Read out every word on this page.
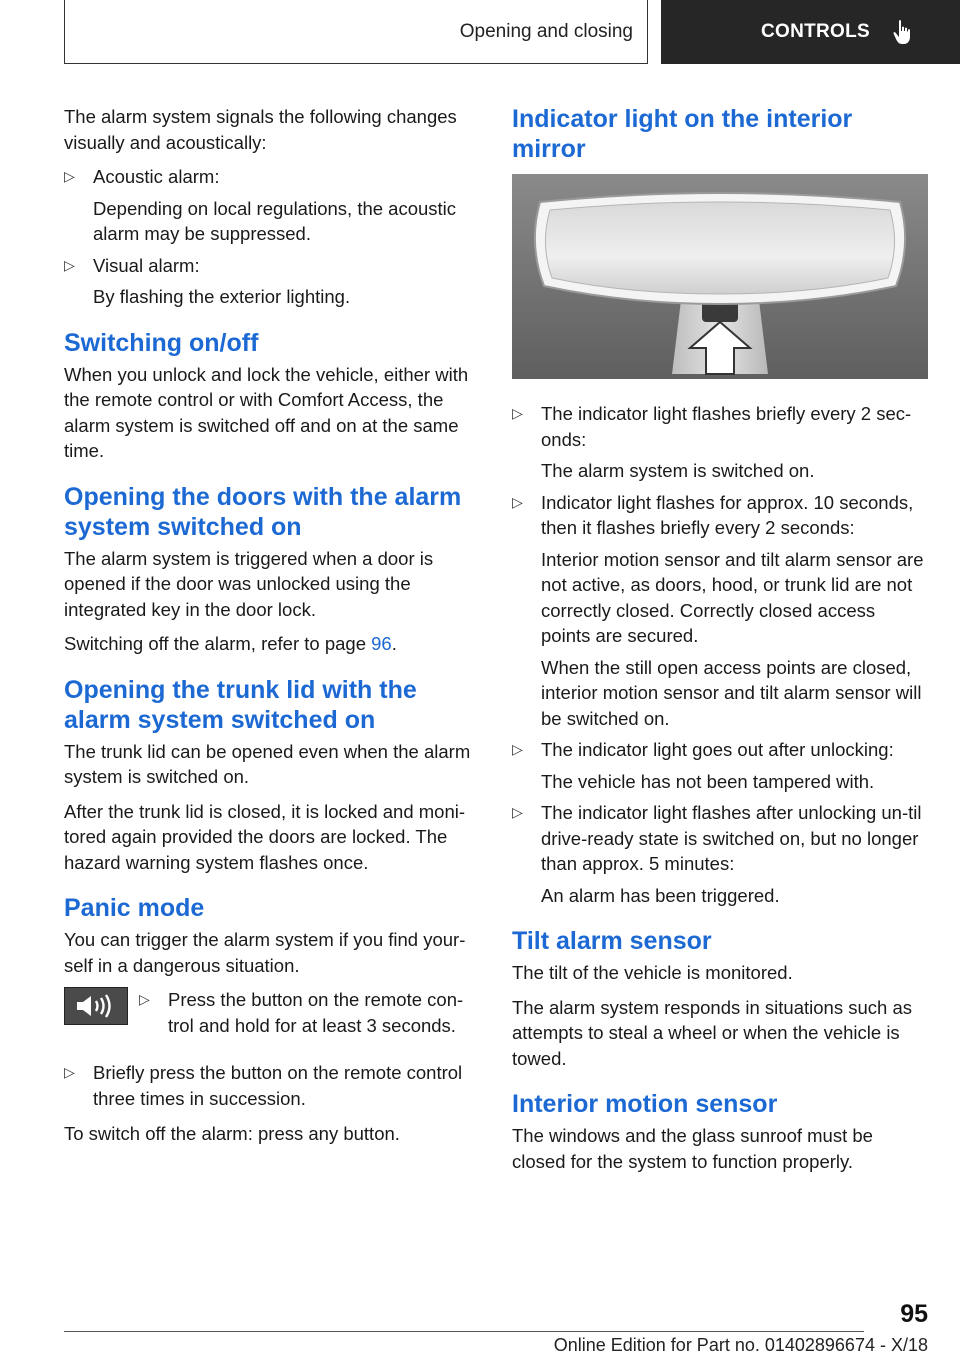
Opening and closing	CONTROLS

The alarm system signals the following changes visually and acoustically:

▷ Acoustic alarm:

Depending on local regulations, the acoustic alarm may be suppressed.

▷ Visual alarm:

By flashing the exterior lighting.

Switching on/off

When you unlock and lock the vehicle, either with the remote control or with Comfort Access, the alarm system is switched off and on at the same time.

Opening the doors with the alarm system switched on

The alarm system is triggered when a door is opened if the door was unlocked using the integrated key in the door lock.

Switching off the alarm, refer to page 96.

Opening the trunk lid with the alarm system switched on

The trunk lid can be opened even when the alarm system is switched on.

After the trunk lid is closed, it is locked and moni‐tored again provided the doors are locked. The hazard warning system flashes once.

Panic mode

You can trigger the alarm system if you find your‐self in a dangerous situation.

▷ Press the button on the remote con‐trol and hold for at least 3 seconds.

▷ Briefly press the button on the remote control three times in succession.

To switch off the alarm: press any button.

Indicator light on the interior mirror
▷ The indicator light flashes briefly every 2 sec‐onds:

The alarm system is switched on.

▷ Indicator light flashes for approx. 10 seconds, then it flashes briefly every 2 seconds:

Interior motion sensor and tilt alarm sensor are not active, as doors, hood, or trunk lid are not correctly closed. Correctly closed access points are secured.

When the still open access points are closed, interior motion sensor and tilt alarm sensor will be switched on.

▷ The indicator light goes out after unlocking:

The vehicle has not been tampered with.

▷ The indicator light flashes after unlocking un‐til drive-ready state is switched on, but no longer than approx. 5 minutes:

An alarm has been triggered.

Tilt alarm sensor

The tilt of the vehicle is monitored.

The alarm system responds in situations such as attempts to steal a wheel or when the vehicle is towed.

Interior motion sensor

The windows and the glass sunroof must be closed for the system to function properly.

95
Online Edition for Part no. 01402896674 - X/18
